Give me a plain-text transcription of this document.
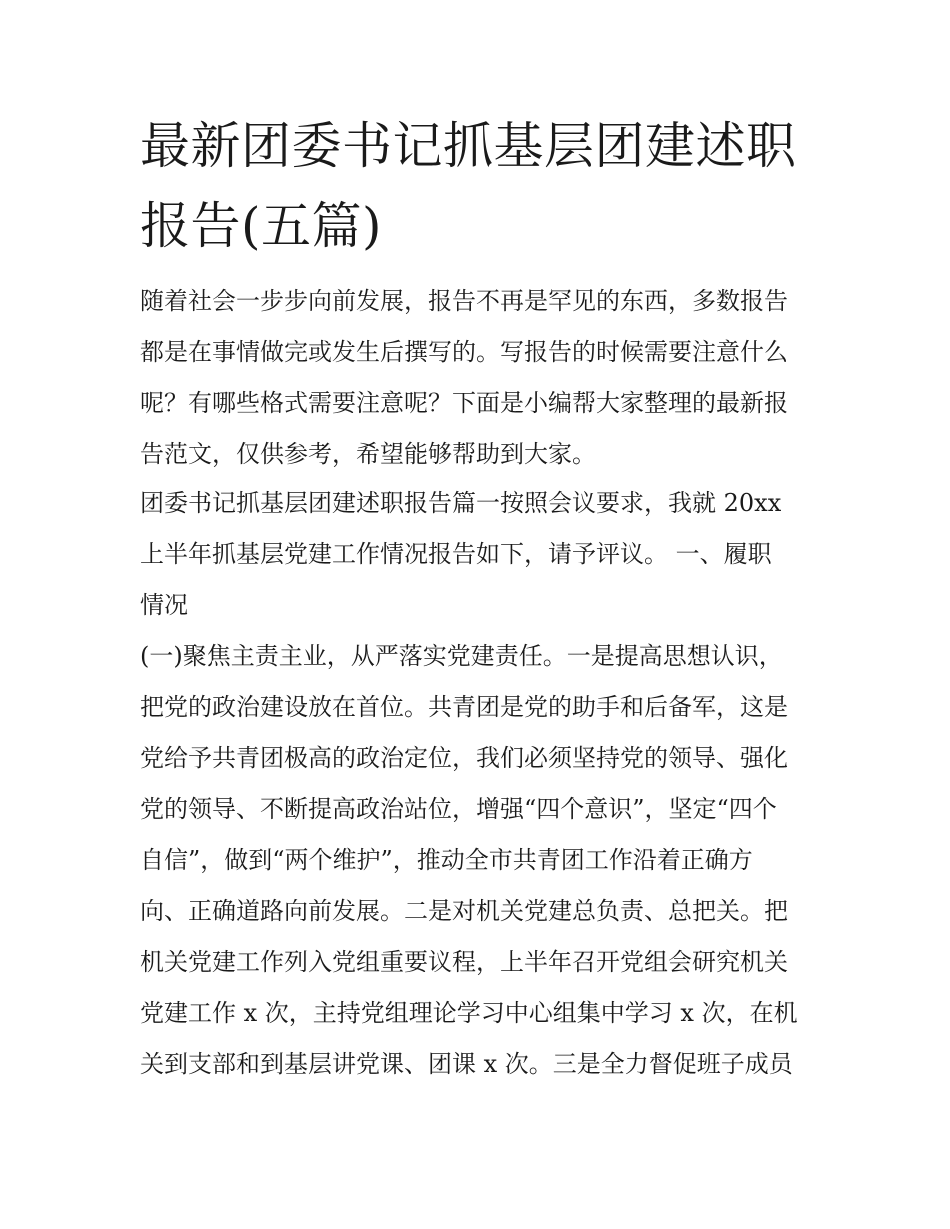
最新团委书记抓基层团建述职
报告(五篇)
随着社会一步步向前发展，报告不再是罕见的东西，多数报告
都是在事情做完或发生后撰写的。写报告的时候需要注意什么
呢？有哪些格式需要注意呢？下面是小编帮大家整理的最新报
告范文，仅供参考，希望能够帮助到大家。
团委书记抓基层团建述职报告篇一按照会议要求，我就 20xx
上半年抓基层党建工作情况报告如下，请予评议。 一、履职
情况
(一)聚焦主责主业，从严落实党建责任。一是提高思想认识，
把党的政治建设放在首位。共青团是党的助手和后备军，这是
党给予共青团极高的政治定位，我们必须坚持党的领导、强化
党的领导、不断提高政治站位，增强“四个意识”，坚定“四个
自信”，做到“两个维护”，推动全市共青团工作沿着正确方
向、正确道路向前发展。二是对机关党建总负责、总把关。把
机关党建工作列入党组重要议程，上半年召开党组会研究机关
党建工作 x 次，主持党组理论学习中心组集中学习 x 次，在机
关到支部和到基层讲党课、团课 x 次。三是全力督促班子成员
